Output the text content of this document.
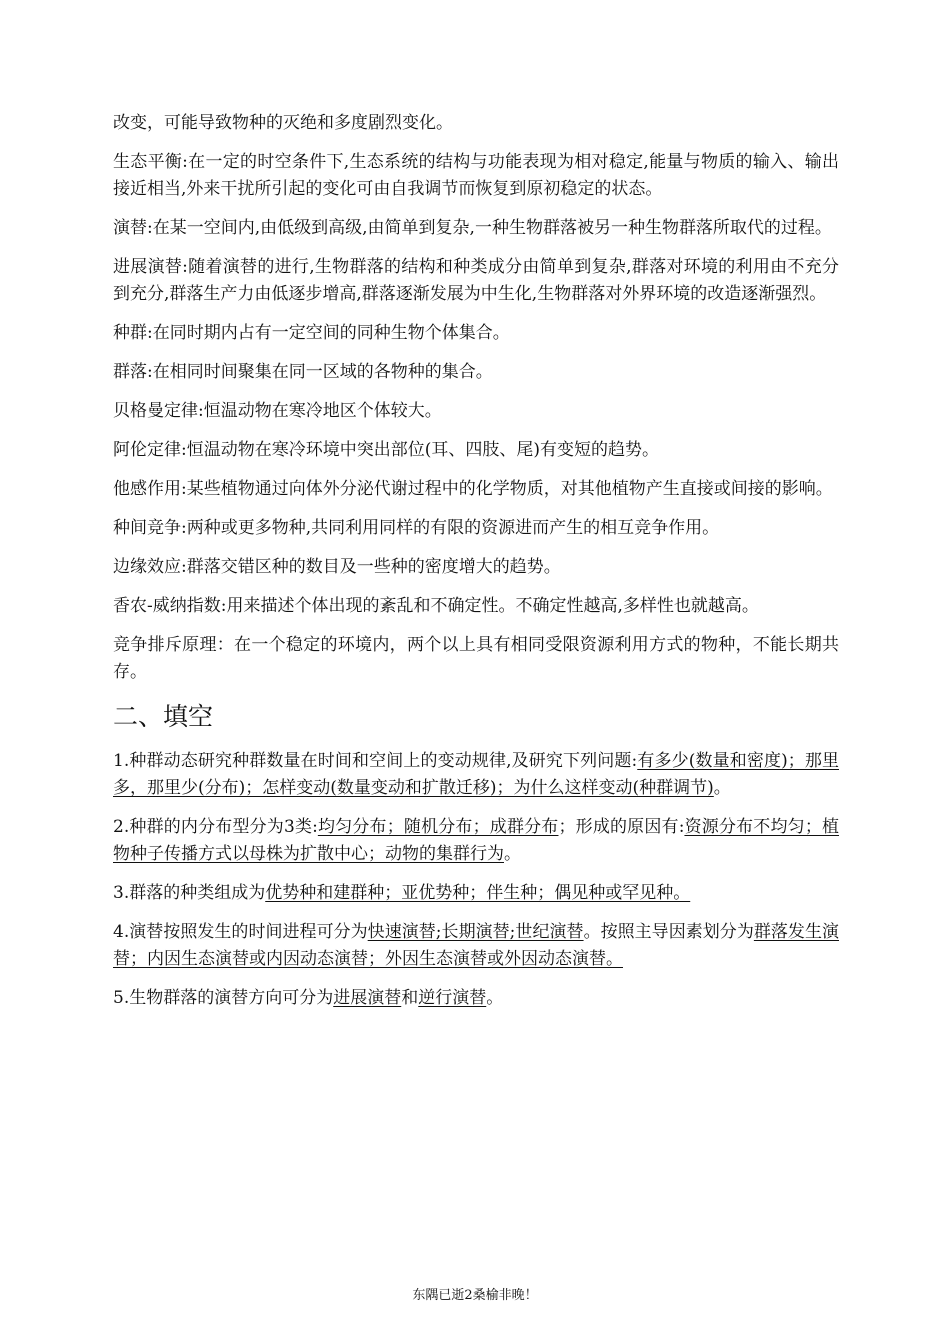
改变，可能导致物种的灭绝和多度剧烈变化。

生态平衡:在一定的时空条件下,生态系统的结构与功能表现为相对稳定,能量与物质的输入、输出接近相当,外来干扰所引起的变化可由自我调节而恢复到原初稳定的状态。

演替:在某一空间内,由低级到高级,由简单到复杂,一种生物群落被另一种生物群落所取代的过程。

进展演替:随着演替的进行,生物群落的结构和种类成分由简单到复杂,群落对环境的利用由不充分到充分,群落生产力由低逐步增高,群落逐渐发展为中生化,生物群落对外界环境的改造逐渐强烈。

种群:在同时期内占有一定空间的同种生物个体集合。

群落:在相同时间聚集在同一区域的各物种的集合。

贝格曼定律:恒温动物在寒冷地区个体较大。

阿伦定律:恒温动物在寒冷环境中突出部位(耳、四肢、尾)有变短的趋势。

他感作用:某些植物通过向体外分泌代谢过程中的化学物质，对其他植物产生直接或间接的影响。

种间竞争:两种或更多物种,共同利用同样的有限的资源进而产生的相互竞争作用。

边缘效应:群落交错区种的数目及一些种的密度增大的趋势。

香农-威纳指数:用来描述个体出现的紊乱和不确定性。不确定性越高,多样性也就越高。

竞争排斥原理：在一个稳定的环境内，两个以上具有相同受限资源利用方式的物种，不能长期共存。

二、填空

1.种群动态研究种群数量在时间和空间上的变动规律,及研究下列问题:有多少(数量和密度)；那里多，那里少(分布)；怎样变动(数量变动和扩散迁移)；为什么这样变动(种群调节)。

2.种群的内分布型分为3类:均匀分布；随机分布；成群分布；形成的原因有:资源分布不均匀；植物种子传播方式以母株为扩散中心；动物的集群行为。

3.群落的种类组成为优势种和建群种；亚优势种；伴生种；偶见种或罕见种。

4.演替按照发生的时间进程可分为快速演替;长期演替;世纪演替。按照主导因素划分为群落发生演替；内因生态演替或内因动态演替；外因生态演替或外因动态演替。

5.生物群落的演替方向可分为进展演替和逆行演替。

东隅已逝2桑榆非晚！
